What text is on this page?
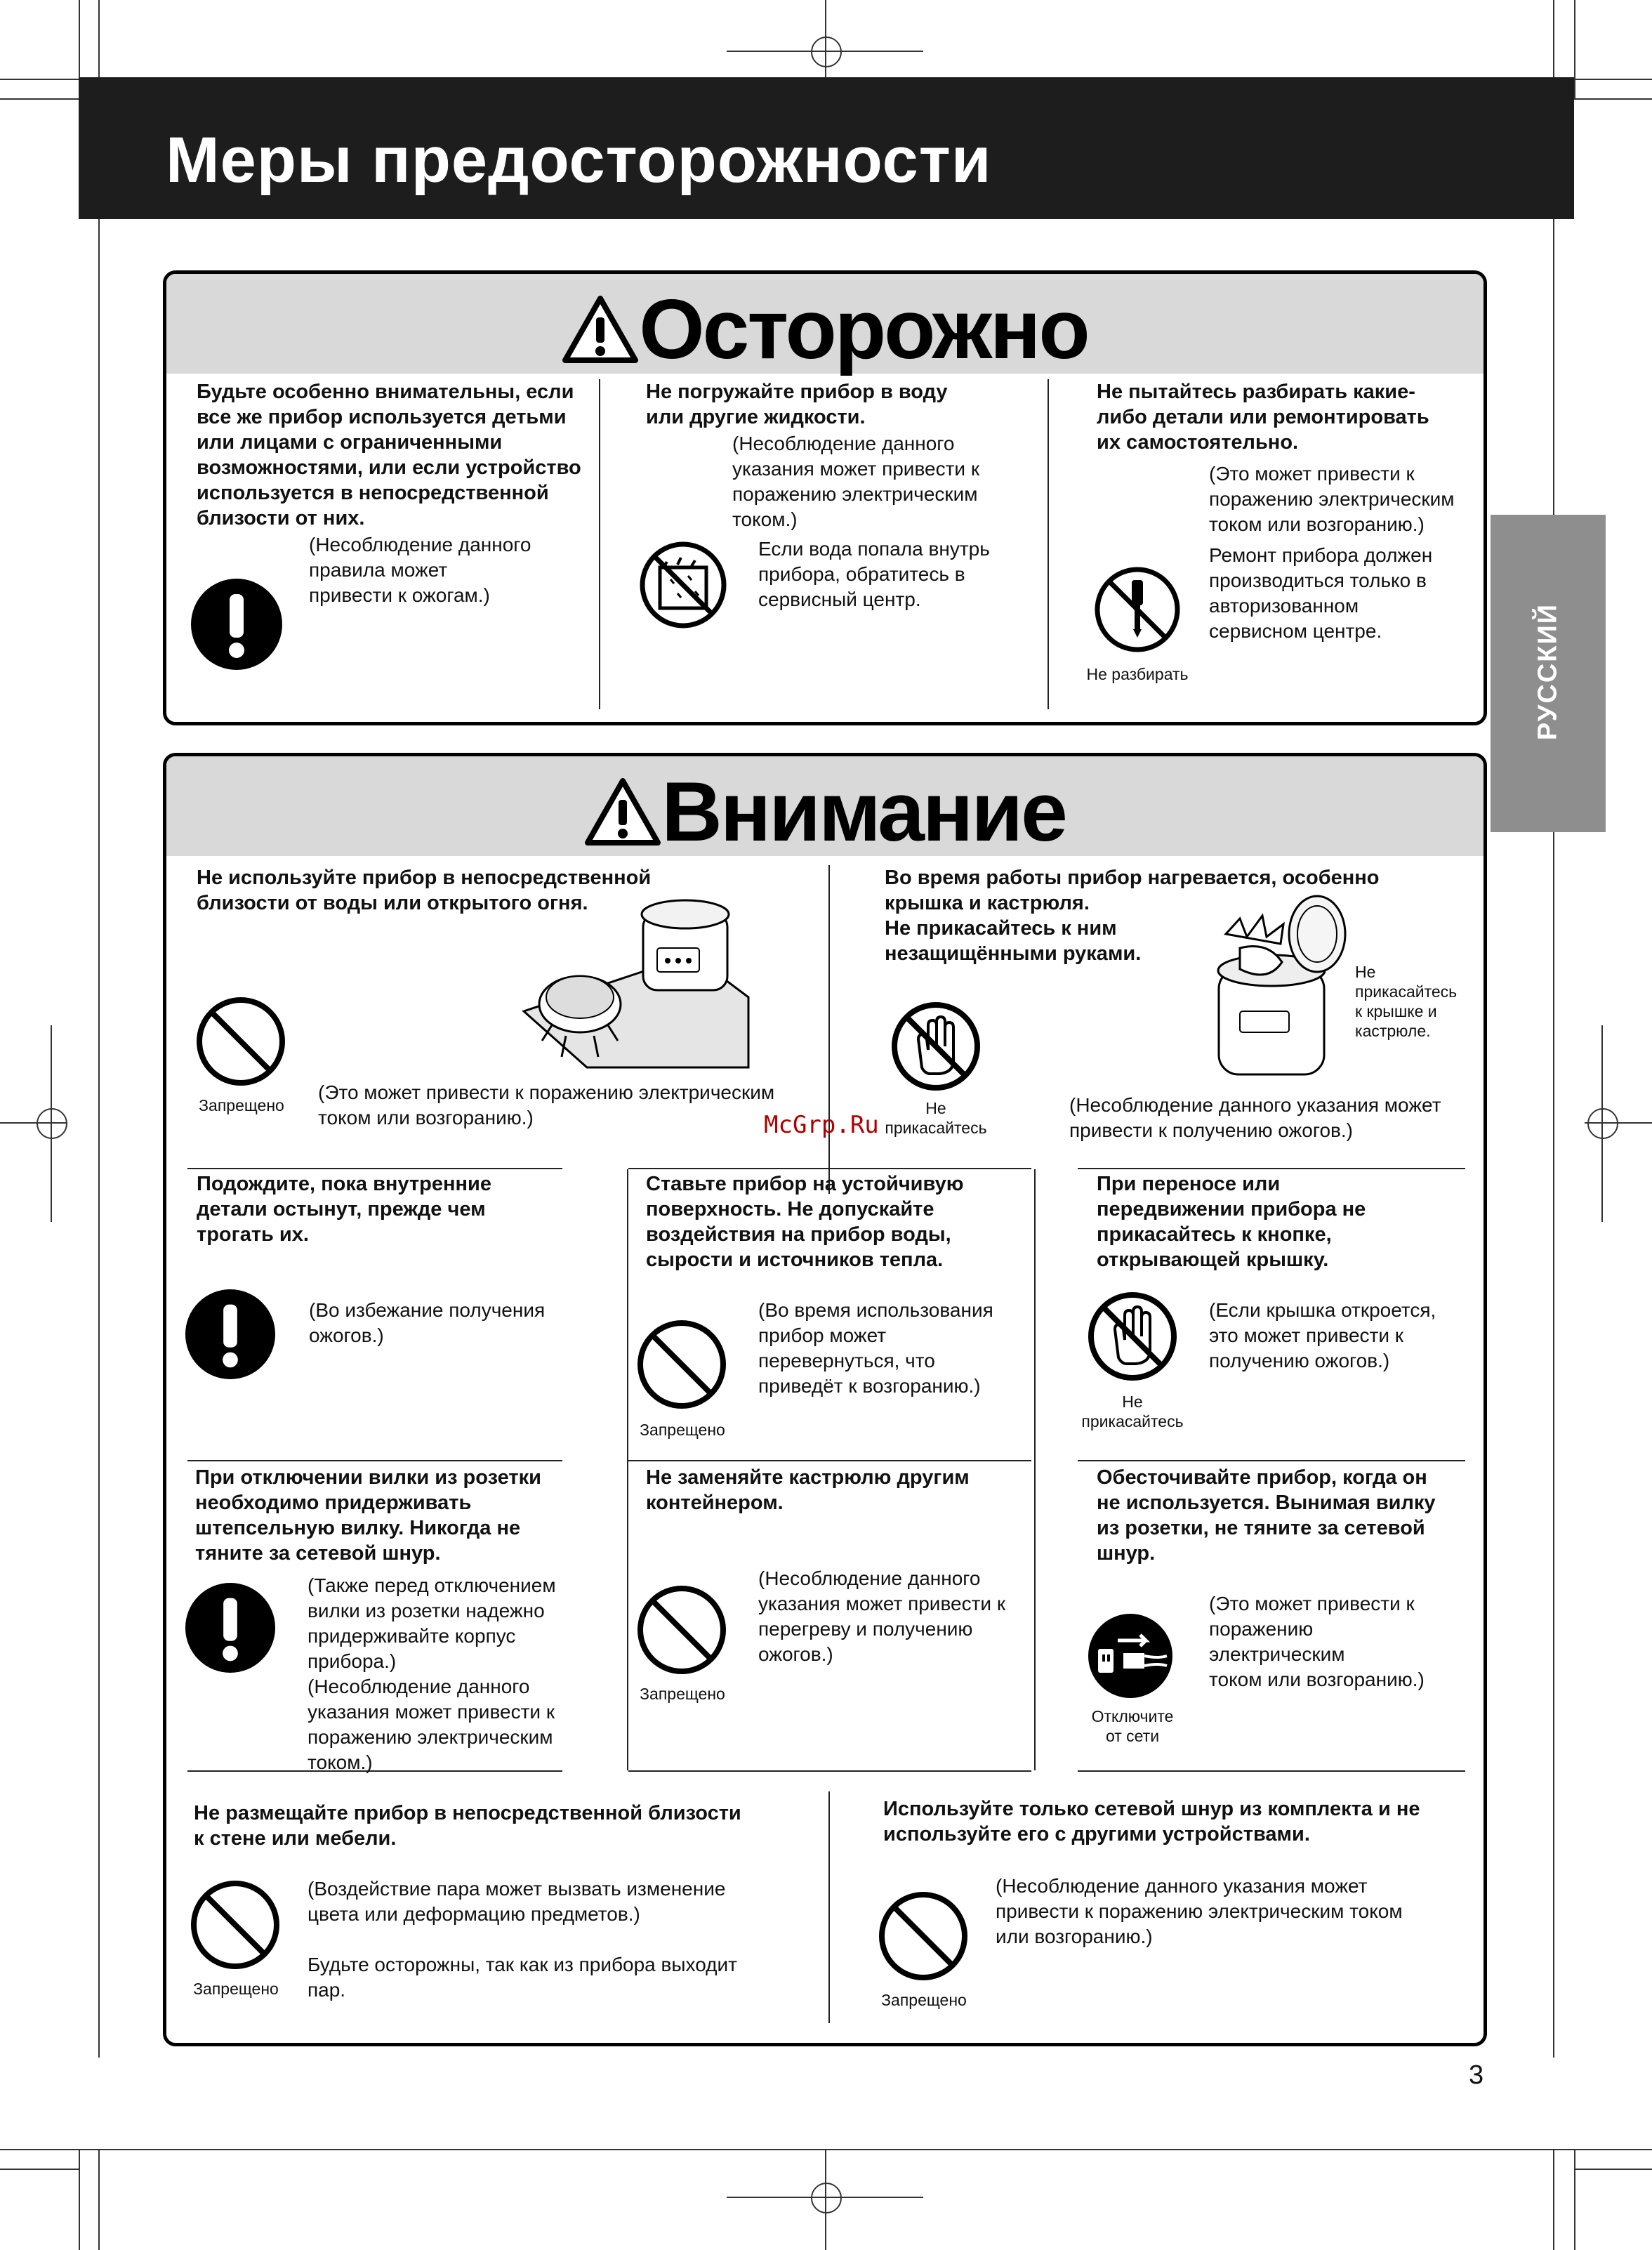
Меры предосторожности
РУССКИЙ
Осторожно
Будьте особенно внимательны, если
все же прибор используется детьми
или лицами с ограниченными
возможностями, или если устройство
используется в непосредственной
близости от них.
(Несоблюдение данного
правила может
привести к ожогам.)
Не погружайте прибор в воду
или другие жидкости.
(Несоблюдение данного
указания может привести к
поражению электрическим
током.)
Если вода попала внутрь
прибора, обратитесь в
сервисный центр.
Не пытайтесь разбирать какие-
либо детали или ремонтировать
их самостоятельно.
(Это может привести к
поражению электрическим
током или возгоранию.)
Ремонт прибора должен
производиться только в
авторизованном
сервисном центре.
Не разбирать
Внимание
Не используйте прибор в непосредственной
близости от воды или открытого огня.
Запрещено
(Это может привести к поражению электрическим
током или возгоранию.)
Во время работы прибор нагревается, особенно
крышка и кастрюля.
Не прикасайтесь к ним
незащищёнными руками.
Не
прикасайтесь
к крышке и
кастрюле.
Не
прикасайтесь
(Несоблюдение данного указания может
привести к получению ожогов.)
Подождите, пока внутренние
детали остынут, прежде чем
трогать их.
(Во избежание получения
ожогов.)
Ставьте прибор на устойчивую
поверхность. Не допускайте
воздействия на прибор воды,
сырости и источников тепла.
Запрещено
(Во время использования
прибор может
перевернуться, что
приведёт к возгоранию.)
При переносе или
передвижении прибора не
прикасайтесь к кнопке,
открывающей крышку.
Не
прикасайтесь
(Если крышка откроется,
это может привести к
получению ожогов.)
При отключении вилки из розетки
необходимо придерживать
штепсельную вилку. Никогда не
тяните за сетевой шнур.
(Также перед отключением
вилки из розетки надежно
придерживайте корпус
прибора.)
(Несоблюдение данного
указания может привести к
поражению электрическим
током.)
Не заменяйте кастрюлю другим
контейнером.
Запрещено
(Несоблюдение данного
указания может привести к
перегреву и получению
ожогов.)
Обесточивайте прибор, когда он
не используется. Вынимая вилку
из розетки, не тяните за сетевой
шнур.
Отключите
от сети
(Это может привести к
поражению
электрическим
током или возгоранию.)
Не размещайте прибор в непосредственной близости
к стене или мебели.
Запрещено
(Воздействие пара может вызвать изменение
цвета или деформацию предметов.)
Будьте осторожны, так как из прибора выходит
пар.
Используйте только сетевой шнур из комплекта и не
используйте его с другими устройствами.
Запрещено
(Несоблюдение данного указания может
привести к поражению электрическим током
или возгоранию.)
McGrp.Ru
3
